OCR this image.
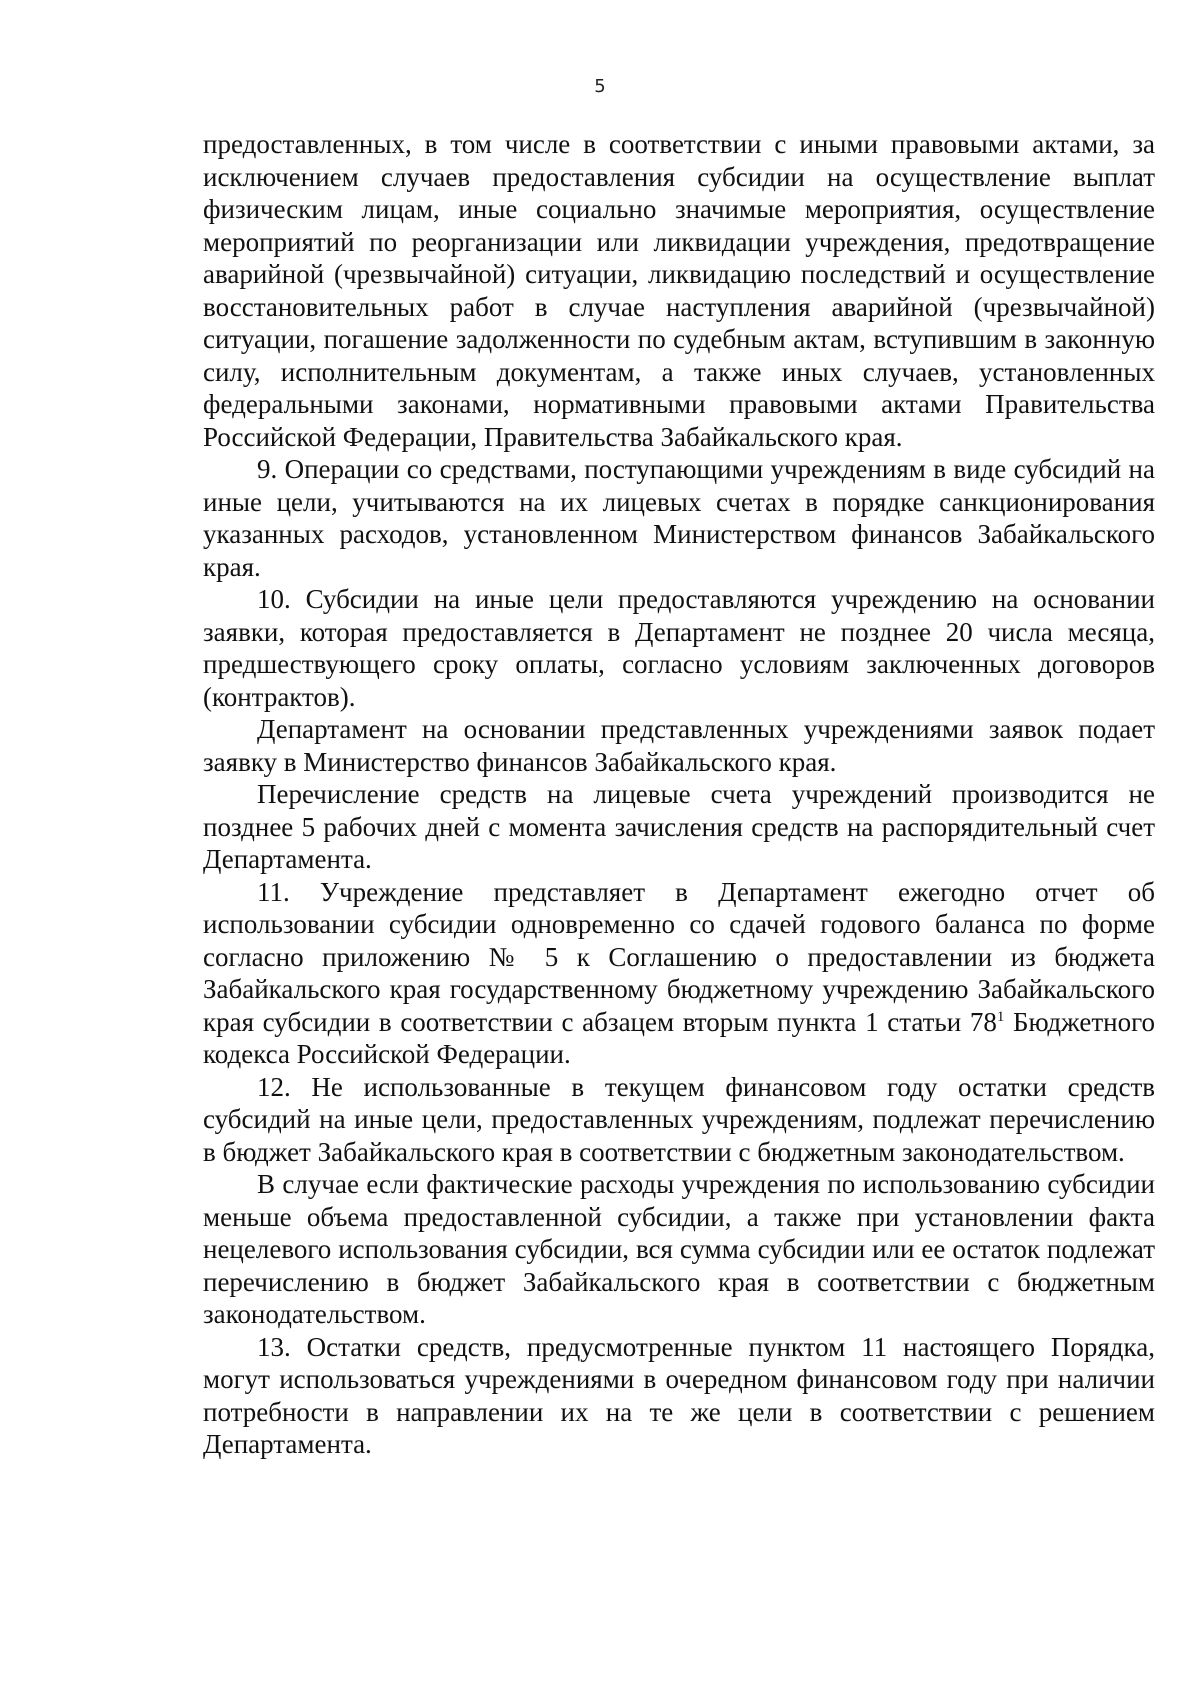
5

предоставленных, в том числе в соответствии с иными правовыми актами, за исключением случаев предоставления субсидии на осуществление выплат физическим лицам, иные социально значимые мероприятия, осуществление мероприятий по реорганизации или ликвидации учреждения, предотвращение аварийной (чрезвычайной) ситуации, ликвидацию последствий и осуществление восстановительных работ в случае наступления аварийной (чрезвычайной) ситуации, погашение задолженности по судебным актам, вступившим в законную силу, исполнительным документам, а также иных случаев, установленных федеральными законами, нормативными правовыми актами Правительства Российской Федерации, Правительства Забайкальского края.

9. Операции со средствами, поступающими учреждениям в виде субсидий на иные цели, учитываются на их лицевых счетах в порядке санкционирования указанных расходов, установленном Министерством финансов Забайкальского края.

10. Субсидии на иные цели предоставляются учреждению на основании заявки, которая предоставляется в Департамент не позднее 20 числа месяца, предшествующего сроку оплаты, согласно условиям заключенных договоров (контрактов).

Департамент на основании представленных учреждениями заявок подает заявку в Министерство финансов Забайкальского края.

Перечисление средств на лицевые счета учреждений производится не позднее 5 рабочих дней с момента зачисления средств на распорядительный счет Департамента.

11. Учреждение представляет в Департамент ежегодно отчет об использовании субсидии одновременно со сдачей годового баланса по форме согласно приложению № 5 к Соглашению о предоставлении из бюджета Забайкальского края государственному бюджетному учреждению Забайкальского края субсидии в соответствии с абзацем вторым пункта 1 статьи $78^1$ Бюджетного кодекса Российской Федерации.

12. Не использованные в текущем финансовом году остатки средств субсидий на иные цели, предоставленных учреждениям, подлежат перечислению в бюджет Забайкальского края в соответствии с бюджетным законодательством.

В случае если фактические расходы учреждения по использованию субсидии меньше объема предоставленной субсидии, а также при установлении факта нецелевого использования субсидии, вся сумма субсидии или ее остаток подлежат перечислению в бюджет Забайкальского края в соответствии с бюджетным законодательством.

13. Остатки средств, предусмотренные пунктом 11 настоящего Порядка, могут использоваться учреждениями в очередном финансовом году при наличии потребности в направлении их на те же цели в соответствии с решением Департамента.
